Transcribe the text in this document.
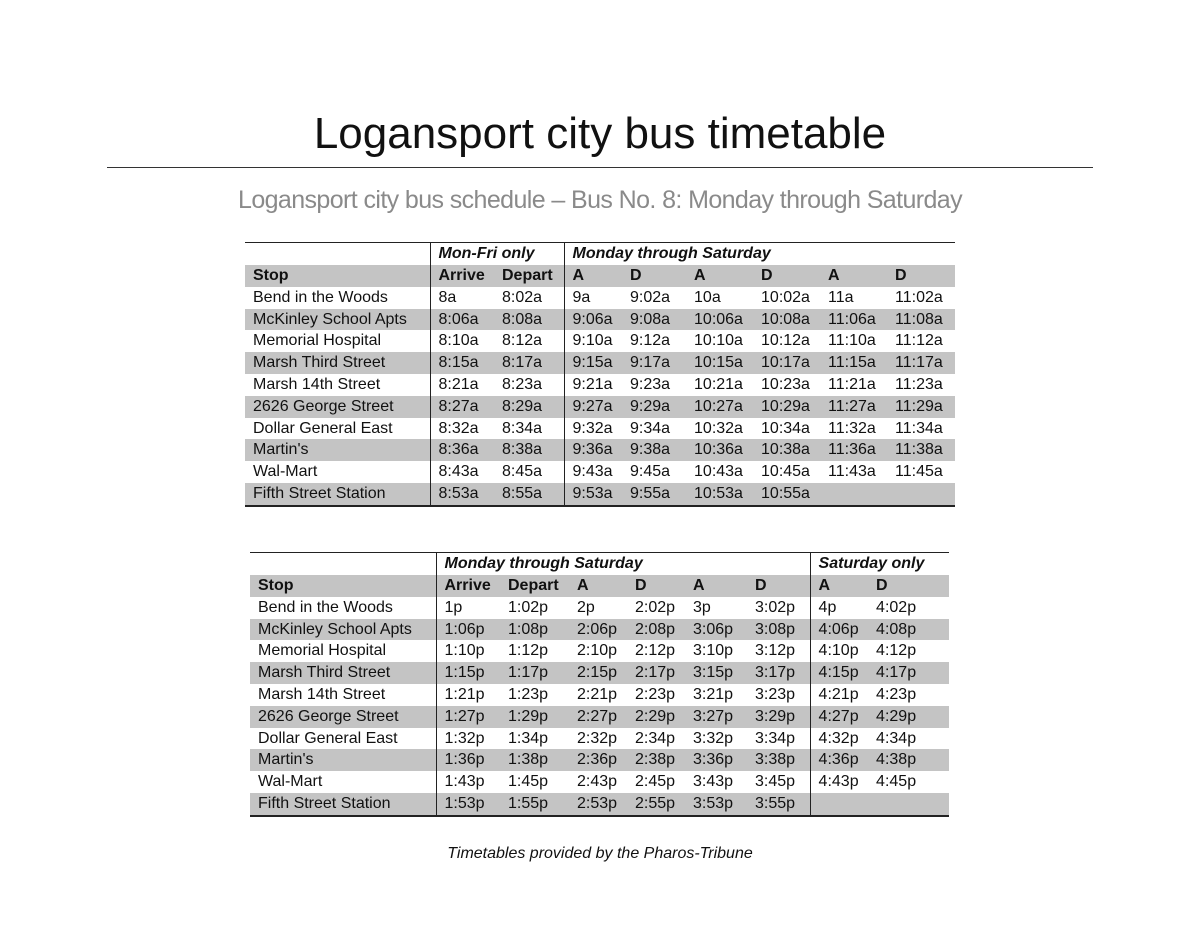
Logansport city bus timetable
Logansport city bus schedule – Bus No. 8: Monday through Saturday
	Mon-Fri only		Monday through Saturday					
Stop	Arrive	Depart	A	D	A	D	A	D
Bend in the Woods	8a	8:02a	9a	9:02a	10a	10:02a	11a	11:02a
McKinley School Apts	8:06a	8:08a	9:06a	9:08a	10:06a	10:08a	11:06a	11:08a
Memorial Hospital	8:10a	8:12a	9:10a	9:12a	10:10a	10:12a	11:10a	11:12a
Marsh Third Street	8:15a	8:17a	9:15a	9:17a	10:15a	10:17a	11:15a	11:17a
Marsh 14th Street	8:21a	8:23a	9:21a	9:23a	10:21a	10:23a	11:21a	11:23a
2626 George Street	8:27a	8:29a	9:27a	9:29a	10:27a	10:29a	11:27a	11:29a
Dollar General East	8:32a	8:34a	9:32a	9:34a	10:32a	10:34a	11:32a	11:34a
Martin's	8:36a	8:38a	9:36a	9:38a	10:36a	10:38a	11:36a	11:38a
Wal-Mart	8:43a	8:45a	9:43a	9:45a	10:43a	10:45a	11:43a	11:45a
Fifth Street Station	8:53a	8:55a	9:53a	9:55a	10:53a	10:55a		
	Monday through Saturday						Saturday only	
Stop	Arrive	Depart	A	D	A	D	A	D
Bend in the Woods	1p	1:02p	2p	2:02p	3p	3:02p	4p	4:02p
McKinley School Apts	1:06p	1:08p	2:06p	2:08p	3:06p	3:08p	4:06p	4:08p
Memorial Hospital	1:10p	1:12p	2:10p	2:12p	3:10p	3:12p	4:10p	4:12p
Marsh Third Street	1:15p	1:17p	2:15p	2:17p	3:15p	3:17p	4:15p	4:17p
Marsh 14th Street	1:21p	1:23p	2:21p	2:23p	3:21p	3:23p	4:21p	4:23p
2626 George Street	1:27p	1:29p	2:27p	2:29p	3:27p	3:29p	4:27p	4:29p
Dollar General East	1:32p	1:34p	2:32p	2:34p	3:32p	3:34p	4:32p	4:34p
Martin's	1:36p	1:38p	2:36p	2:38p	3:36p	3:38p	4:36p	4:38p
Wal-Mart	1:43p	1:45p	2:43p	2:45p	3:43p	3:45p	4:43p	4:45p
Fifth Street Station	1:53p	1:55p	2:53p	2:55p	3:53p	3:55p		
Timetables provided by the Pharos-Tribune
